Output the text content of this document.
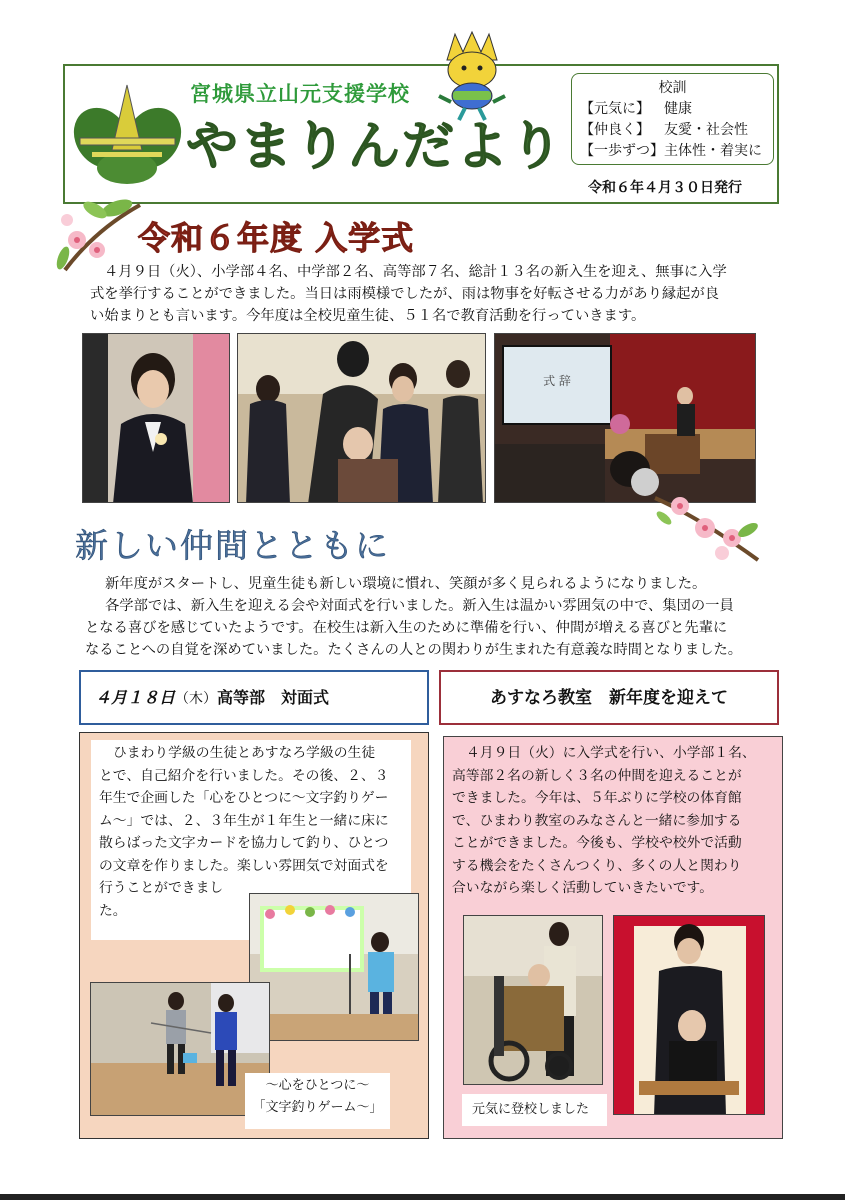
宮城県立山元支援学校
やまりんだより
校訓
【元気に】 健康
【仲良く】 友愛・社会性
【一歩ずつ】主体性・着実に
令和６年４月３０日発行
令和６年度 入学式
４月９日（火）、小学部４名、中学部２名、高等部７名、総計１３名の新入生を迎え、無事に入学
式を挙行することができました。当日は雨模様でしたが、雨は物事を好転させる力があり縁起が良
い始まりとも言います。今年度は全校児童生徒、５１名で教育活動を行っていきます。
式 辞
新しい仲間とともに
新年度がスタートし、児童生徒も新しい環境に慣れ、笑顔が多く見られるようになりました。
各学部では、新入生を迎える会や対面式を行いました。新入生は温かい雰囲気の中で、集団の一員
となる喜びを感じていたようです。在校生は新入生のために準備を行い、仲間が増える喜びと先輩に
なることへの自覚を深めていました。たくさんの人との関わりが生まれた有意義な時間となりました。
４月１８日（木）高等部　対面式	あすなろ教室　新年度を迎えて
ひまわり学級の生徒とあすなろ学級の生徒
とで、自己紹介を行いました。その後、２、３
年生で企画した「心をひとつに～文字釣りゲー
ム～」では、２、３年生が１年生と一緒に床に
散らばった文字カードを協力して釣り、ひとつ
の文章を作りました。楽しい雰囲気で対面式を
行うことができまし
た。
～心をひとつに～
「文字釣りゲーム～」
４月９日（火）に入学式を行い、小学部１名、
高等部２名の新しく３名の仲間を迎えることが
できました。今年は、５年ぶりに学校の体育館
で、ひまわり教室のみなさんと一緒に参加する
ことができました。今後も、学校や校外で活動
する機会をたくさんつくり、多くの人と関わり
合いながら楽しく活動していきたいです。
元気に登校しました
